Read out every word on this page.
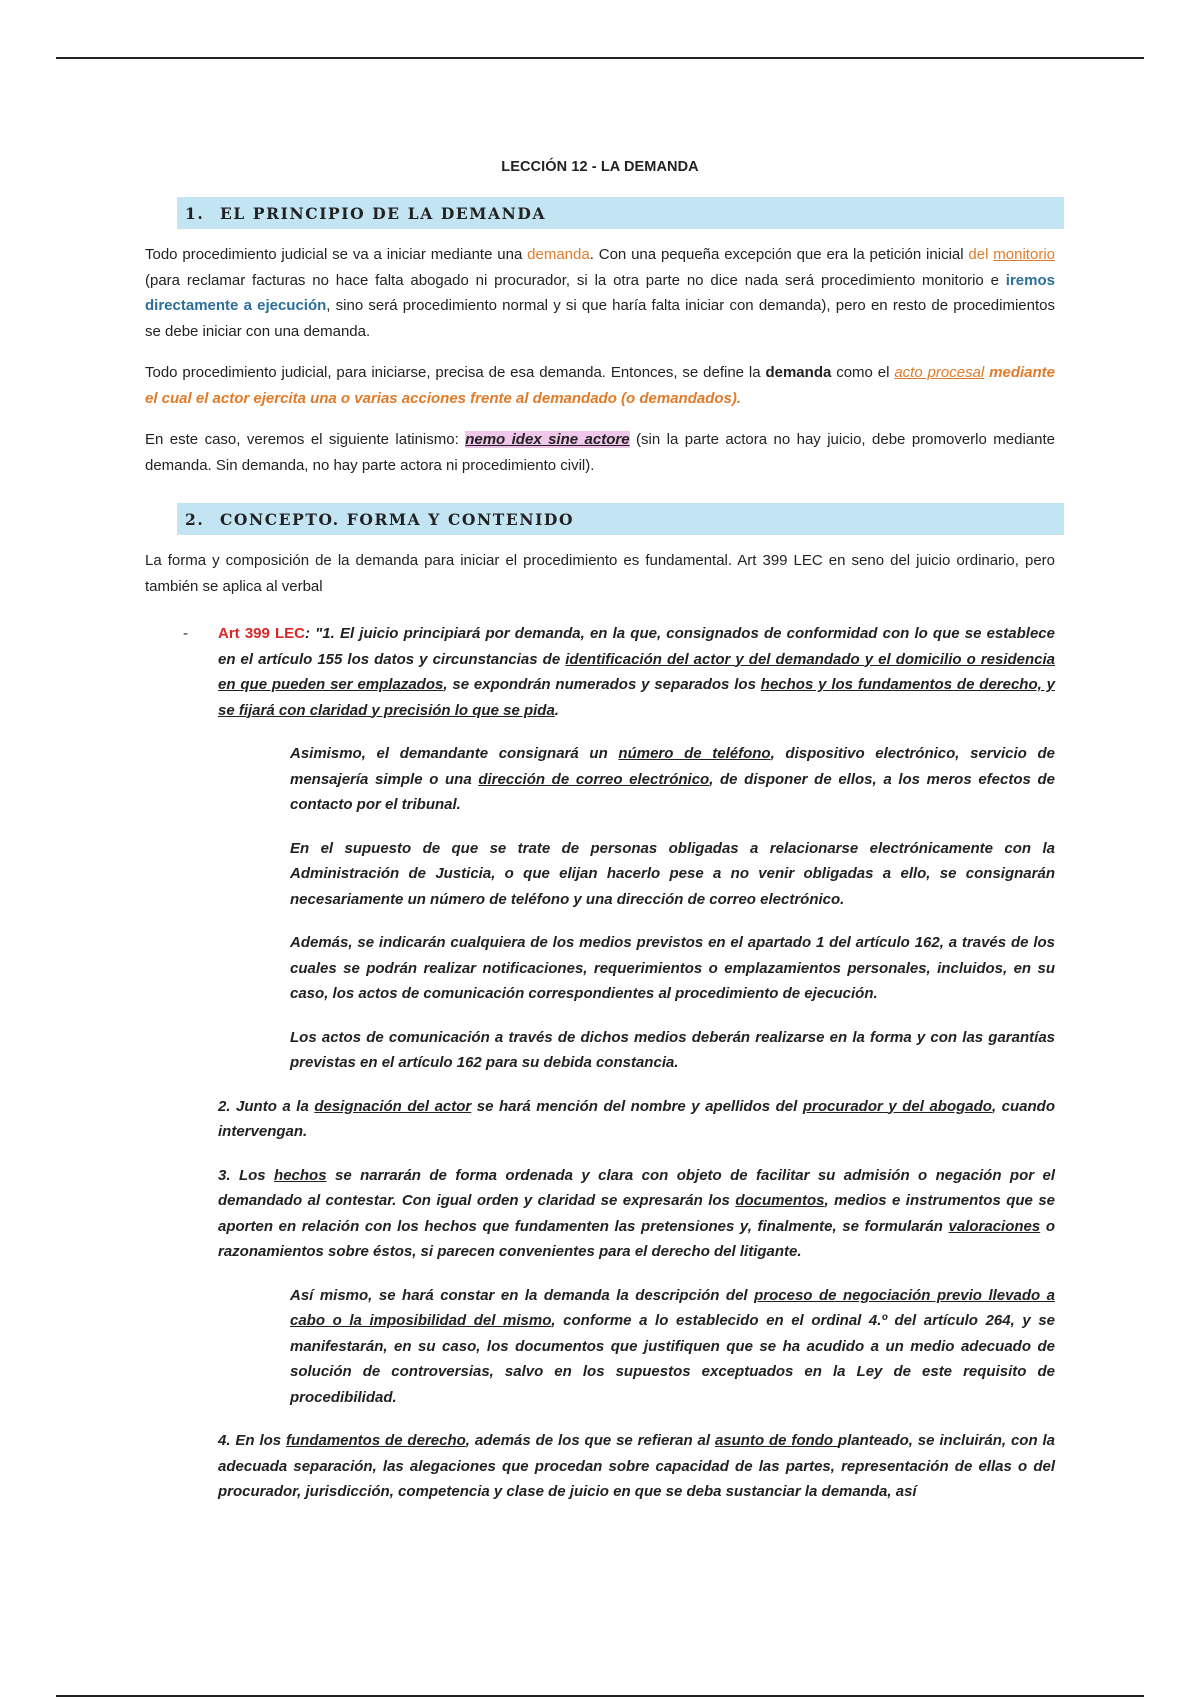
LECCIÓN 12 - LA DEMANDA
1.	EL PRINCIPIO DE LA DEMANDA

Todo procedimiento judicial se va a iniciar mediante una demanda. Con una pequeña excepción que era la petición inicial del monitorio (para reclamar facturas no hace falta abogado ni procurador, si la otra parte no dice nada será procedimiento monitorio e iremos directamente a ejecución, sino será procedimiento normal y si que haría falta iniciar con demanda), pero en resto de procedimientos se debe iniciar con una demanda.

Todo procedimiento judicial, para iniciarse, precisa de esa demanda. Entonces, se define la demanda como el acto procesal mediante el cual el actor ejercita una o varias acciones frente al demandado (o demandados).

En este caso, veremos el siguiente latinismo: nemo idex sine actore (sin la parte actora no hay juicio, debe promoverlo mediante demanda. Sin demanda, no hay parte actora ni procedimiento civil).

2.	CONCEPTO. FORMA Y CONTENIDO

La forma y composición de la demanda para iniciar el procedimiento es fundamental. Art 399 LEC en seno del juicio ordinario, pero también se aplica al verbal

-	Art 399 LEC: "1. El juicio principiará por demanda, en la que, consignados de conformidad con lo que se establece en el artículo 155 los datos y circunstancias de identificación del actor y del demandado y el domicilio o residencia en que pueden ser emplazados, se expondrán numerados y separados los hechos y los fundamentos de derecho, y se fijará con claridad y precisión lo que se pida.
Asimismo, el demandante consignará un número de teléfono, dispositivo electrónico, servicio de mensajería simple o una dirección de correo electrónico, de disponer de ellos, a los meros efectos de contacto por el tribunal.
En el supuesto de que se trate de personas obligadas a relacionarse electrónicamente con la Administración de Justicia, o que elijan hacerlo pese a no venir obligadas a ello, se consignarán necesariamente un número de teléfono y una dirección de correo electrónico.
Además, se indicarán cualquiera de los medios previstos en el apartado 1 del artículo 162, a través de los cuales se podrán realizar notificaciones, requerimientos o emplazamientos personales, incluidos, en su caso, los actos de comunicación correspondientes al procedimiento de ejecución.
Los actos de comunicación a través de dichos medios deberán realizarse en la forma y con las garantías previstas en el artículo 162 para su debida constancia.
2. Junto a la designación del actor se hará mención del nombre y apellidos del procurador y del abogado, cuando intervengan.
3. Los hechos se narrarán de forma ordenada y clara con objeto de facilitar su admisión o negación por el demandado al contestar. Con igual orden y claridad se expresarán los documentos, medios e instrumentos que se aporten en relación con los hechos que fundamenten las pretensiones y, finalmente, se formularán valoraciones o razonamientos sobre éstos, si parecen convenientes para el derecho del litigante.
Así mismo, se hará constar en la demanda la descripción del proceso de negociación previo llevado a cabo o la imposibilidad del mismo, conforme a lo establecido en el ordinal 4.º del artículo 264, y se manifestarán, en su caso, los documentos que justifiquen que se ha acudido a un medio adecuado de solución de controversias, salvo en los supuestos exceptuados en la Ley de este requisito de procedibilidad.
4. En los fundamentos de derecho, además de los que se refieran al asunto de fondo planteado, se incluirán, con la adecuada separación, las alegaciones que procedan sobre capacidad de las partes, representación de ellas o del procurador, jurisdicción, competencia y clase de juicio en que se deba sustanciar la demanda, así
